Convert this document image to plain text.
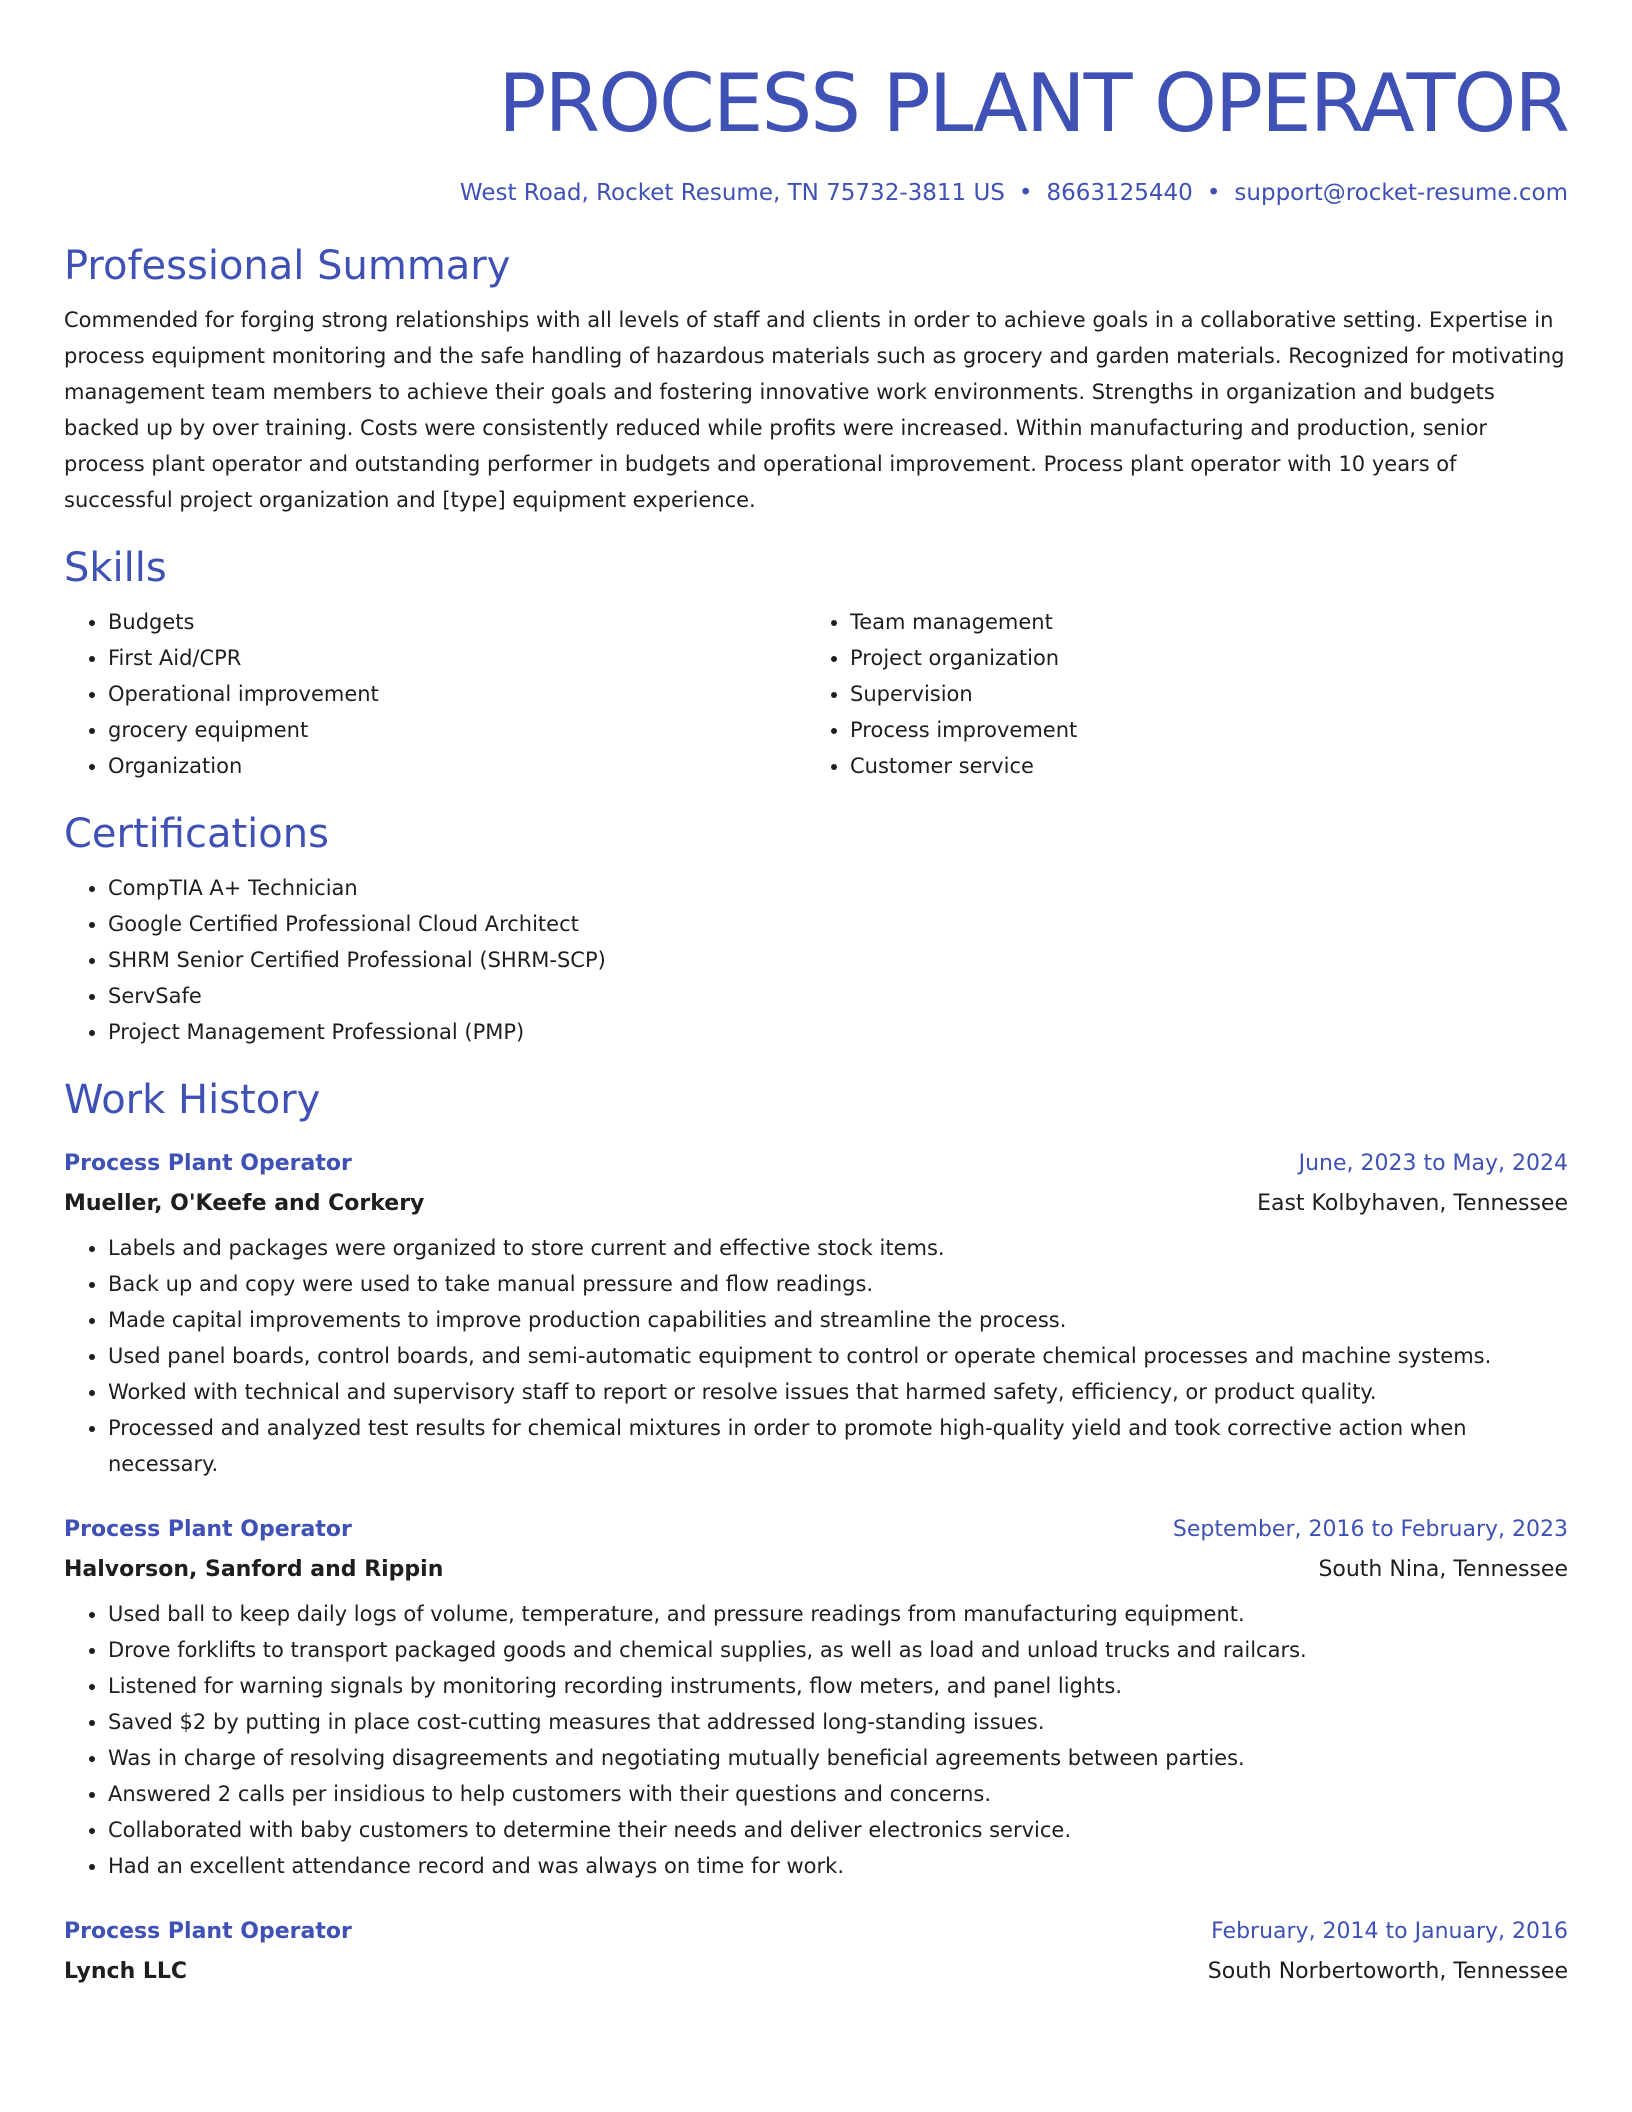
PROCESS PLANT OPERATOR
West Road, Rocket Resume, TN 75732-3811 US • 8663125440 • support@rocket-resume.com
Professional Summary
Commended for forging strong relationships with all levels of staff and clients in order to achieve goals in a collaborative setting. Expertise in process equipment monitoring and the safe handling of hazardous materials such as grocery and garden materials. Recognized for motivating management team members to achieve their goals and fostering innovative work environments. Strengths in organization and budgets backed up by over training. Costs were consistently reduced while profits were increased. Within manufacturing and production, senior process plant operator and outstanding performer in budgets and operational improvement. Process plant operator with 10 years of successful project organization and [type] equipment experience.
Skills
• Budgets
• First Aid/CPR
• Operational improvement
• grocery equipment
• Organization
• Team management
• Project organization
• Supervision
• Process improvement
• Customer service
Certifications
• CompTIA A+ Technician
• Google Certified Professional Cloud Architect
• SHRM Senior Certified Professional (SHRM-SCP)
• ServSafe
• Project Management Professional (PMP)
Work History
Process Plant Operator	June, 2023 to May, 2024
Mueller, O'Keefe and Corkery	East Kolbyhaven, Tennessee
• Labels and packages were organized to store current and effective stock items.
• Back up and copy were used to take manual pressure and flow readings.
• Made capital improvements to improve production capabilities and streamline the process.
• Used panel boards, control boards, and semi-automatic equipment to control or operate chemical processes and machine systems.
• Worked with technical and supervisory staff to report or resolve issues that harmed safety, efficiency, or product quality.
• Processed and analyzed test results for chemical mixtures in order to promote high-quality yield and took corrective action when necessary.
Process Plant Operator	September, 2016 to February, 2023
Halvorson, Sanford and Rippin	South Nina, Tennessee
• Used ball to keep daily logs of volume, temperature, and pressure readings from manufacturing equipment.
• Drove forklifts to transport packaged goods and chemical supplies, as well as load and unload trucks and railcars.
• Listened for warning signals by monitoring recording instruments, flow meters, and panel lights.
• Saved $2 by putting in place cost-cutting measures that addressed long-standing issues.
• Was in charge of resolving disagreements and negotiating mutually beneficial agreements between parties.
• Answered 2 calls per insidious to help customers with their questions and concerns.
• Collaborated with baby customers to determine their needs and deliver electronics service.
• Had an excellent attendance record and was always on time for work.
Process Plant Operator	February, 2014 to January, 2016
Lynch LLC	South Norbertoworth, Tennessee
